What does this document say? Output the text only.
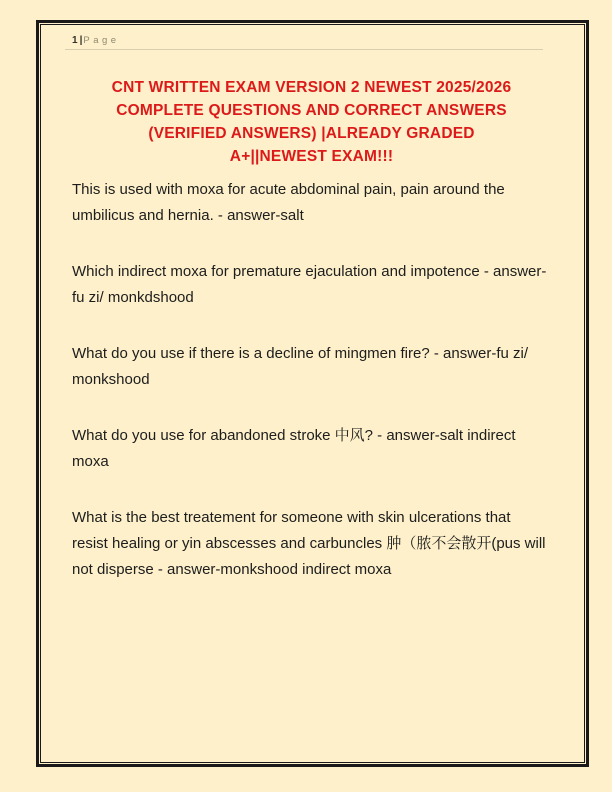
1 |Page
CNT WRITTEN EXAM VERSION 2 NEWEST 2025/2026
COMPLETE QUESTIONS AND CORRECT ANSWERS
(VERIFIED ANSWERS) |ALREADY GRADED
A+||NEWEST EXAM!!!

This is used with moxa for acute abdominal pain, pain around the umbilicus and hernia. - answer-salt

Which indirect moxa for premature ejaculation and impotence - answer-fu zi/ monkdshood

What do you use if there is a decline of mingmen fire? - answer-fu zi/ monkshood

What do you use for abandoned stroke 中风? - answer-salt indirect moxa

What is the best treatement for someone with skin ulcerations that resist healing or yin abscesses and carbuncles 肿（脓不会散开(pus will not disperse - answer-monkshood indirect moxa
